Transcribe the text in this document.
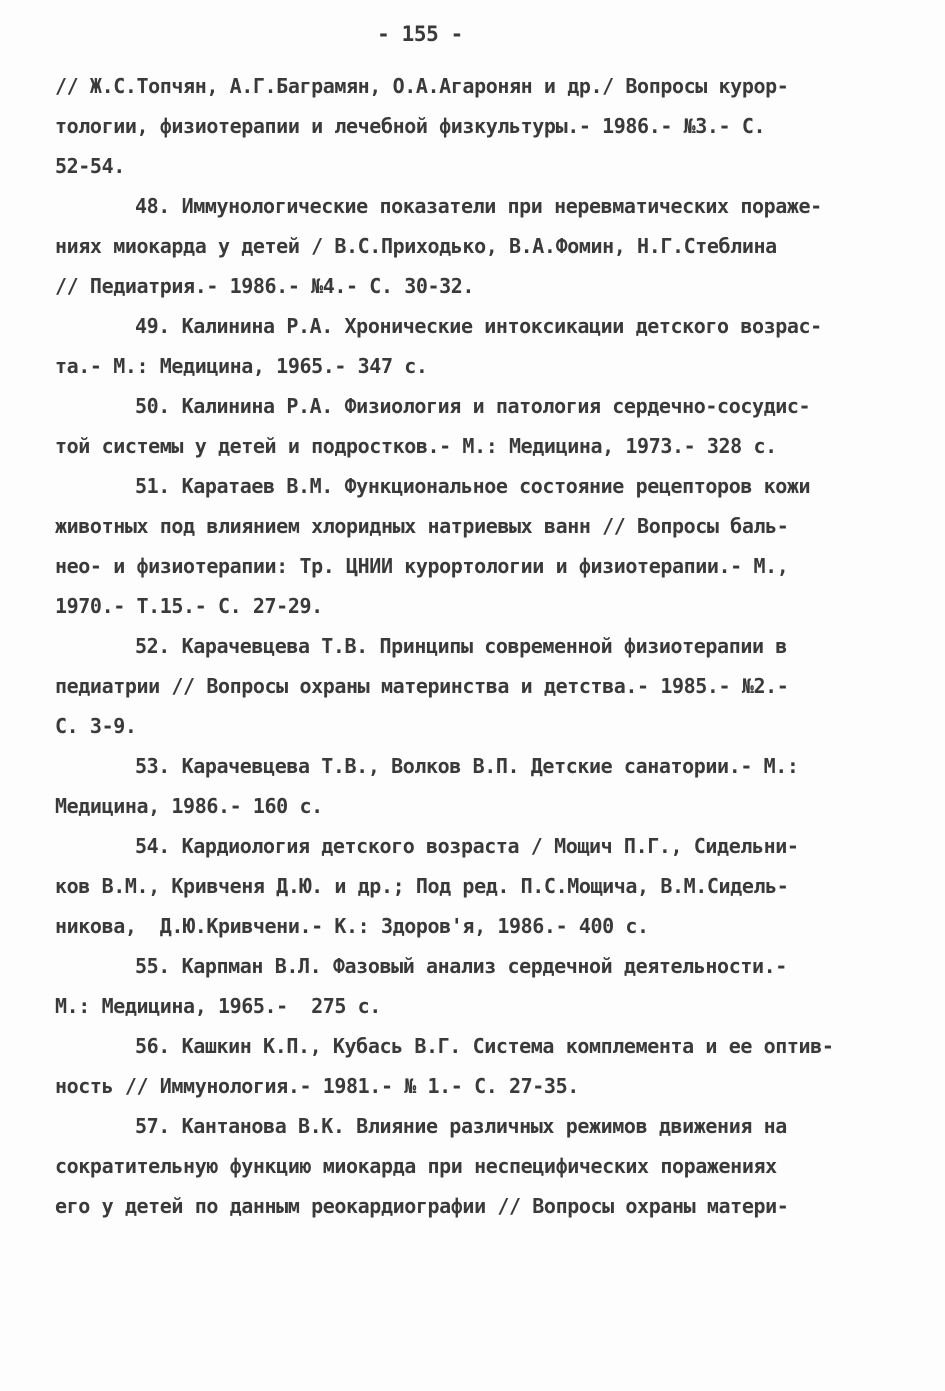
- 155 -
// Ж.С.Топчян, А.Г.Баграмян, О.А.Агаронян и др./ Вопросы курор-
тологии, физиотерапии и лечебной физкультуры.- 1986.- №3.- С.
52-54.
48. Иммунологические показатели при неревматических пораже-
ниях миокарда у детей / В.С.Приходько, В.А.Фомин, Н.Г.Стеблина
// Педиатрия.- 1986.- №4.- С. 30-32.
49. Калинина Р.А. Хронические интоксикации детского возрас-
та.- М.: Медицина, 1965.- 347 с.
50. Калинина Р.А. Физиология и патология сердечно-сосудис-
той системы у детей и подростков.- М.: Медицина, 1973.- 328 с.
51. Каратаев В.М. Функциональное состояние рецепторов кожи
животных под влиянием хлоридных натриевых ванн // Вопросы баль-
нео- и физиотерапии: Тр. ЦНИИ курортологии и физиотерапии.- М.,
1970.- Т.15.- С. 27-29.
52. Карачевцева Т.В. Принципы современной физиотерапии в
педиатрии // Вопросы охраны материнства и детства.- 1985.- №2.-
С. 3-9.
53. Карачевцева Т.В., Волков В.П. Детские санатории.- М.:
Медицина, 1986.- 160 с.
54. Кардиология детского возраста / Мощич П.Г., Сидельни-
ков В.М., Кривченя Д.Ю. и др.; Под ред. П.С.Мощича, В.М.Сидель-
никова,  Д.Ю.Кривчени.- К.: Здоров'я, 1986.- 400 с.
55. Карпман В.Л. Фазовый анализ сердечной деятельности.-
М.: Медицина, 1965.-  275 с.
56. Кашкин К.П., Кубась В.Г. Система комплемента и ее оптив-
ность // Иммунология.- 1981.- № 1.- С. 27-35.
57. Кантанова В.К. Влияние различных режимов движения на
сократительную функцию миокарда при неспецифических поражениях
его у детей по данным реокардиографии // Вопросы охраны матери-
